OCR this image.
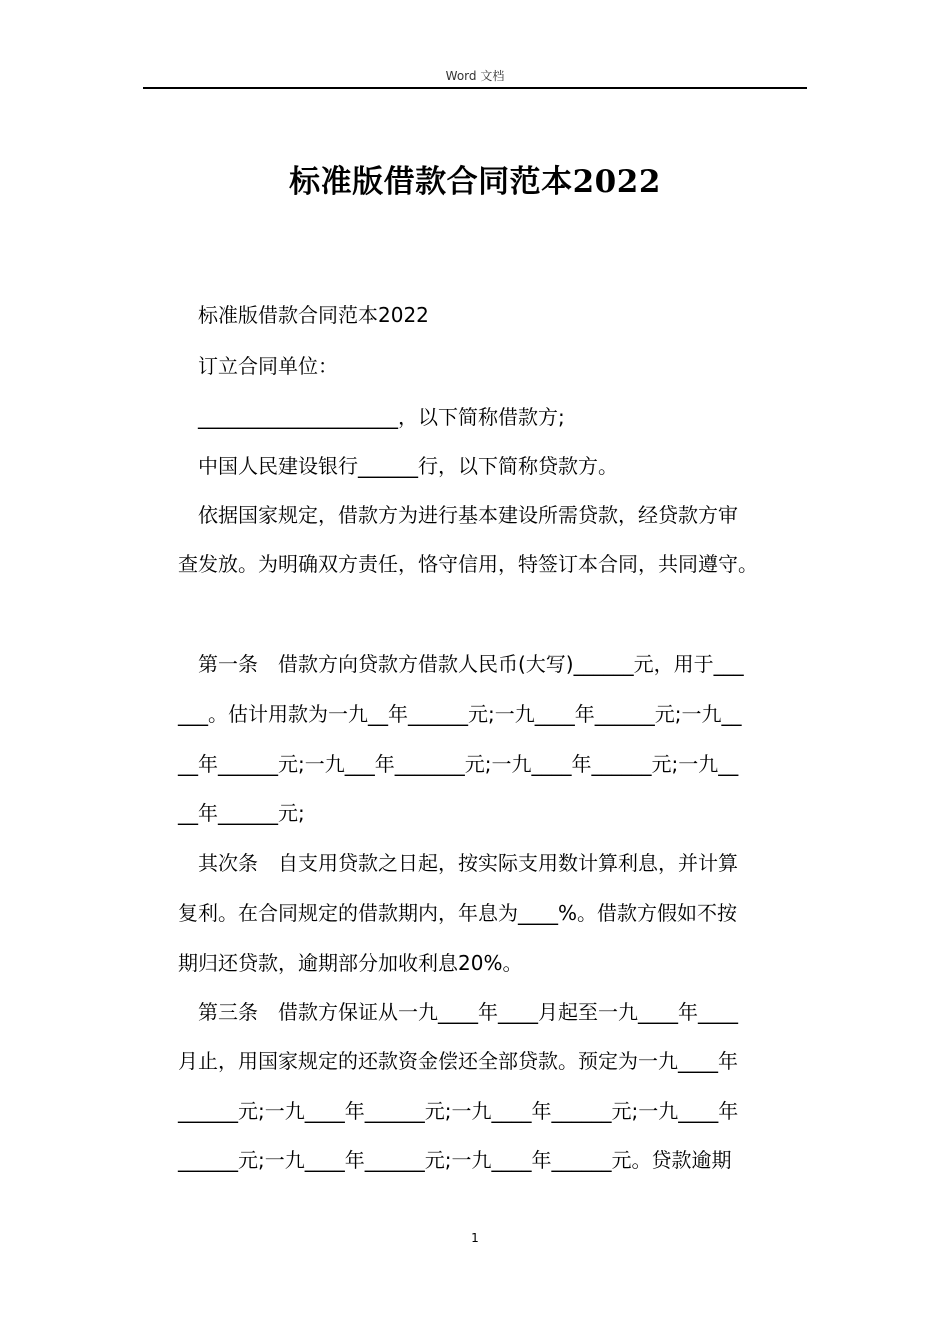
Word 文档
标准版借款合同范本2022
　标准版借款合同范本2022
　订立合同单位：
　____________________，以下简称借款方;
　中国人民建设银行______行，以下简称贷款方。
　依据国家规定，借款方为进行基本建设所需贷款，经贷款方审
查发放。为明确双方责任，恪守信用，特签订本合同，共同遵守。
　第一条　借款方向贷款方借款人民币(大写)______元，用于___
___。估计用款为一九__年______元;一九____年______元;一九__
__年______元;一九___年_______元;一九____年______元;一九__
__年______元;
　其次条　自支用贷款之日起，按实际支用数计算利息，并计算
复利。在合同规定的借款期内，年息为____%。借款方假如不按
期归还贷款，逾期部分加收利息20%。
　第三条　借款方保证从一九____年____月起至一九____年____
月止，用国家规定的还款资金偿还全部贷款。预定为一九____年
______元;一九____年______元;一九____年______元;一九____年
______元;一九____年______元;一九____年______元。贷款逾期
1
